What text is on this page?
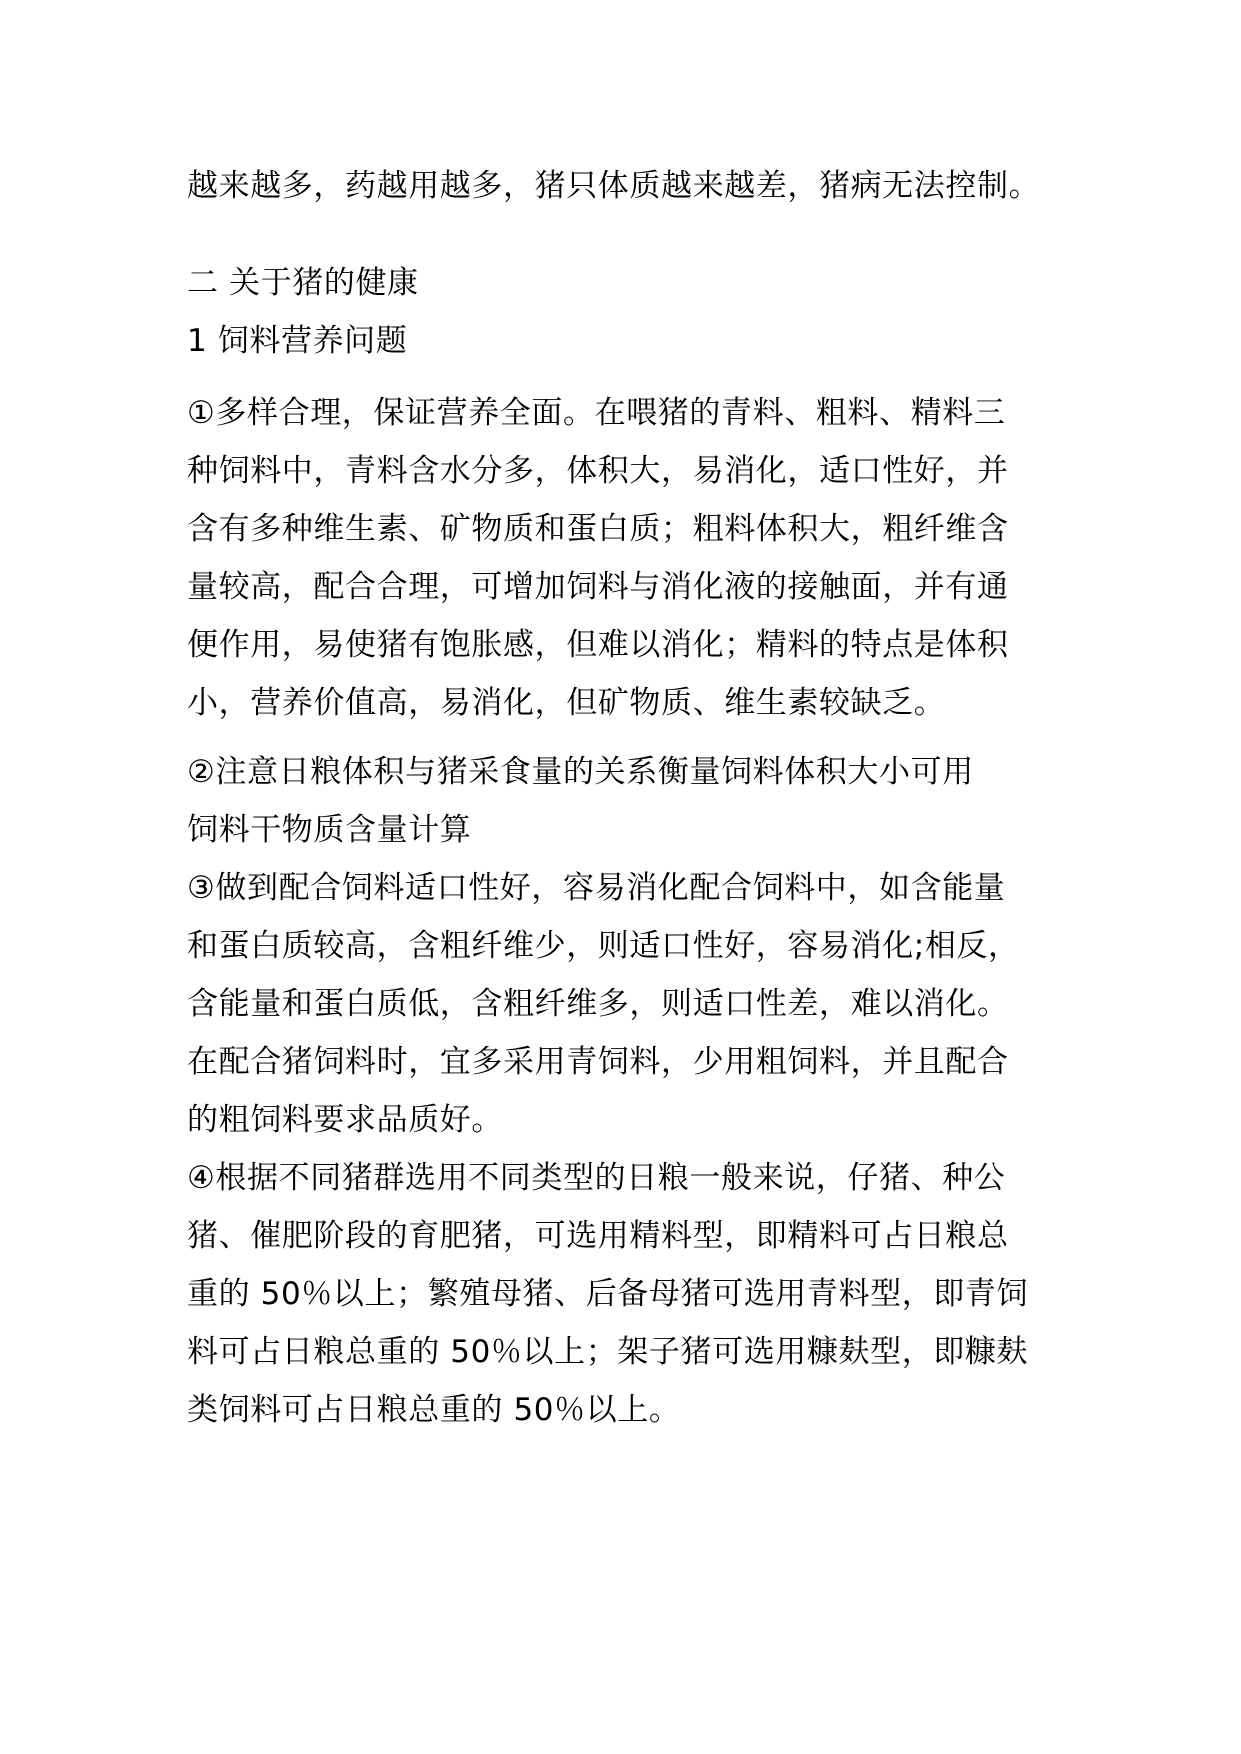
越来越多，药越用越多，猪只体质越来越差，猪病无法控制。
二 关于猪的健康
1 饲料营养问题
①多样合理，保证营养全面。在喂猪的青料、粗料、精料三
种饲料中，青料含水分多，体积大，易消化，适口性好，并
含有多种维生素、矿物质和蛋白质；粗料体积大，粗纤维含
量较高，配合合理，可增加饲料与消化液的接触面，并有通
便作用，易使猪有饱胀感，但难以消化；精料的特点是体积
小，营养价值高，易消化，但矿物质、维生素较缺乏。
②注意日粮体积与猪采食量的关系衡量饲料体积大小可用
饲料干物质含量计算
③做到配合饲料适口性好，容易消化配合饲料中，如含能量
和蛋白质较高，含粗纤维少，则适口性好，容易消化;相反，
含能量和蛋白质低，含粗纤维多，则适口性差，难以消化。
在配合猪饲料时，宜多采用青饲料，少用粗饲料，并且配合
的粗饲料要求品质好。
④根据不同猪群选用不同类型的日粮一般来说，仔猪、种公
猪、催肥阶段的育肥猪，可选用精料型，即精料可占日粮总
重的 50％以上；繁殖母猪、后备母猪可选用青料型，即青饲
料可占日粮总重的 50％以上；架子猪可选用糠麸型，即糠麸
类饲料可占日粮总重的 50％以上。
